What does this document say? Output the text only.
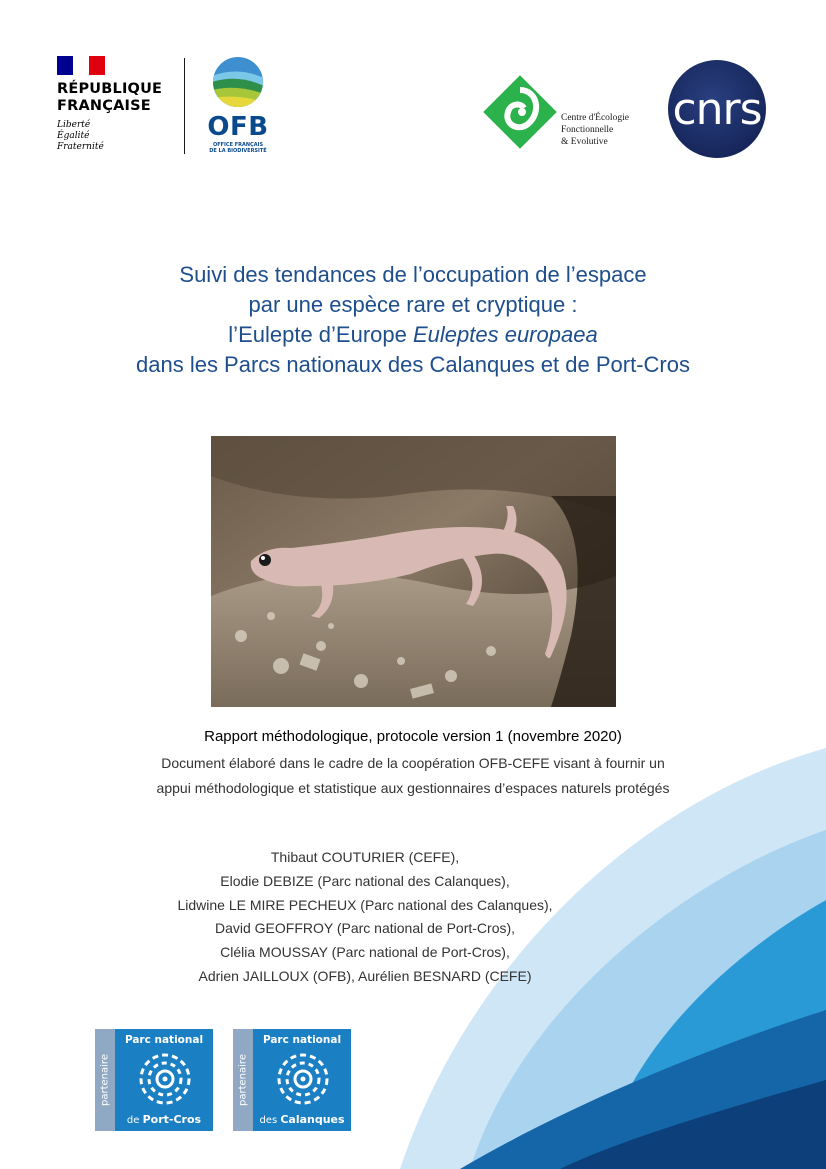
RÉPUBLIQUE
FRANÇAISE
Liberté
Égalité
Fraternité
OFB
OFFICE FRANÇAIS
DE LA BIODIVERSITÉ
Centre d'Écologie
Fonctionnelle
& Evolutive
cnrs
Suivi des tendances de l’occupation de l’espace
par une espèce rare et cryptique :
l’Eulepte d’Europe Euleptes europaea
dans les Parcs nationaux des Calanques et de Port-Cros
Rapport méthodologique, protocole version 1 (novembre 2020)
Document élaboré dans le cadre de la coopération OFB-CEFE visant à fournir un
appui méthodologique et statistique aux gestionnaires d’espaces naturels protégés
Thibaut COUTURIER (CEFE),
Elodie DEBIZE (Parc national des Calanques),
Lidwine LE MIRE PECHEUX (Parc national des Calanques),
David GEOFFROY (Parc national de Port-Cros),
Clélia MOUSSAY (Parc national de Port-Cros),
Adrien JAILLOUX (OFB), Aurélien BESNARD (CEFE)
partenaire
Parc national
de Port-Cros
partenaire
Parc national
des Calanques
